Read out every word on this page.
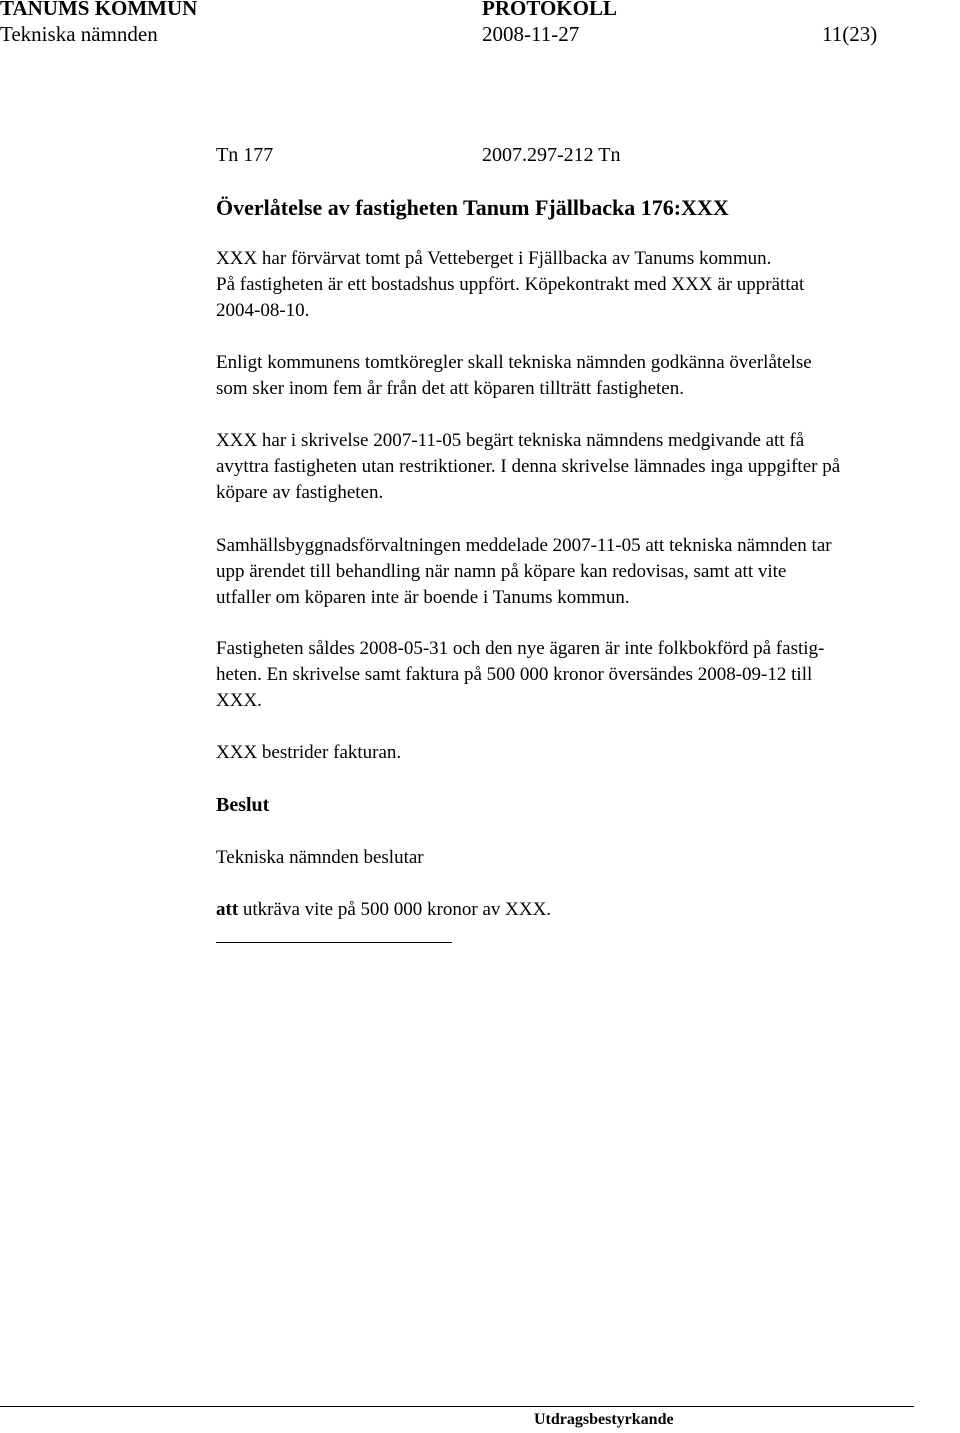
TANUMS KOMMUN	PROTOKOLL
Tekniska nämnden	2008-11-27	11(23)
Tn 177	2007.297-212 Tn
Överlåtelse av fastigheten Tanum Fjällbacka 176:XXX

XXX har förvärvat tomt på Vetteberget i Fjällbacka av Tanums kommun.
På fastigheten är ett bostadshus uppfört. Köpekontrakt med XXX är upprättat
2004-08-10.

Enligt kommunens tomtköregler skall tekniska nämnden godkänna överlåtelse
som sker inom fem år från det att köparen tillträtt fastigheten.

XXX har i skrivelse 2007-11-05 begärt tekniska nämndens medgivande att få
avyttra fastigheten utan restriktioner. I denna skrivelse lämnades inga uppgifter på
köpare av fastigheten.

Samhällsbyggnadsförvaltningen meddelade 2007-11-05 att tekniska nämnden tar
upp ärendet till behandling när namn på köpare kan redovisas, samt att vite
utfaller om köparen inte är boende i Tanums kommun.

Fastigheten såldes 2008-05-31 och den nye ägaren är inte folkbokförd på fastig-
heten. En skrivelse samt faktura på 500 000 kronor översändes 2008-09-12 till
XXX.

XXX bestrider fakturan.

Beslut
Tekniska nämnden beslutar
att utkräva vite på 500 000 kronor av XXX.
Utdragsbestyrkande
